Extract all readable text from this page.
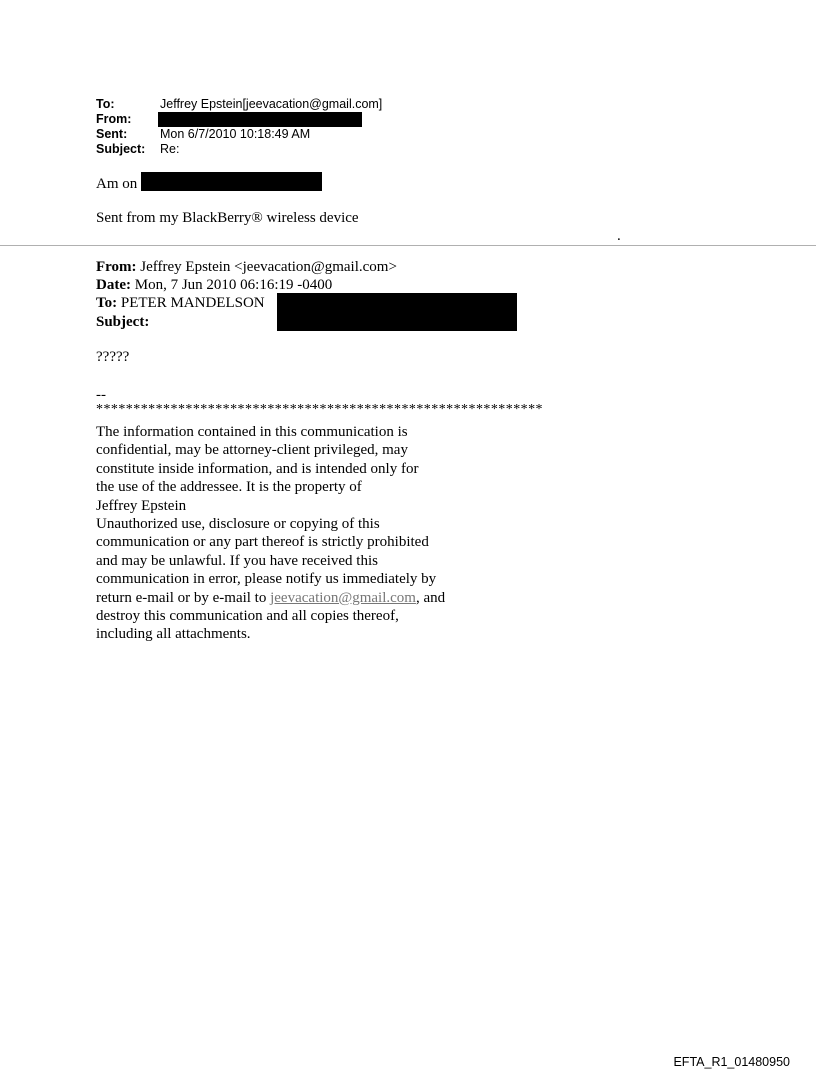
To:	Jeffrey Epstein[jeevacation@gmail.com]
From:
Sent:	Mon 6/7/2010 10:18:49 AM
Subject: Re:
Am on
Sent from my BlackBerry® wireless device
.
From: Jeffrey Epstein <jeevacation@gmail.com>
Date: Mon, 7 Jun 2010 06:16:19 -0400
To: PETER MANDELSON
Subject:
?????
--
************************************************************
The information contained in this communication is
confidential, may be attorney-client privileged, may
constitute inside information, and is intended only for
the use of the addressee. It is the property of
Jeffrey Epstein
Unauthorized use, disclosure or copying of this
communication or any part thereof is strictly prohibited
and may be unlawful. If you have received this
communication in error, please notify us immediately by
return e-mail or by e-mail to jeevacation@gmail.com, and
destroy this communication and all copies thereof,
including all attachments.
EFTA_R1_01480950
